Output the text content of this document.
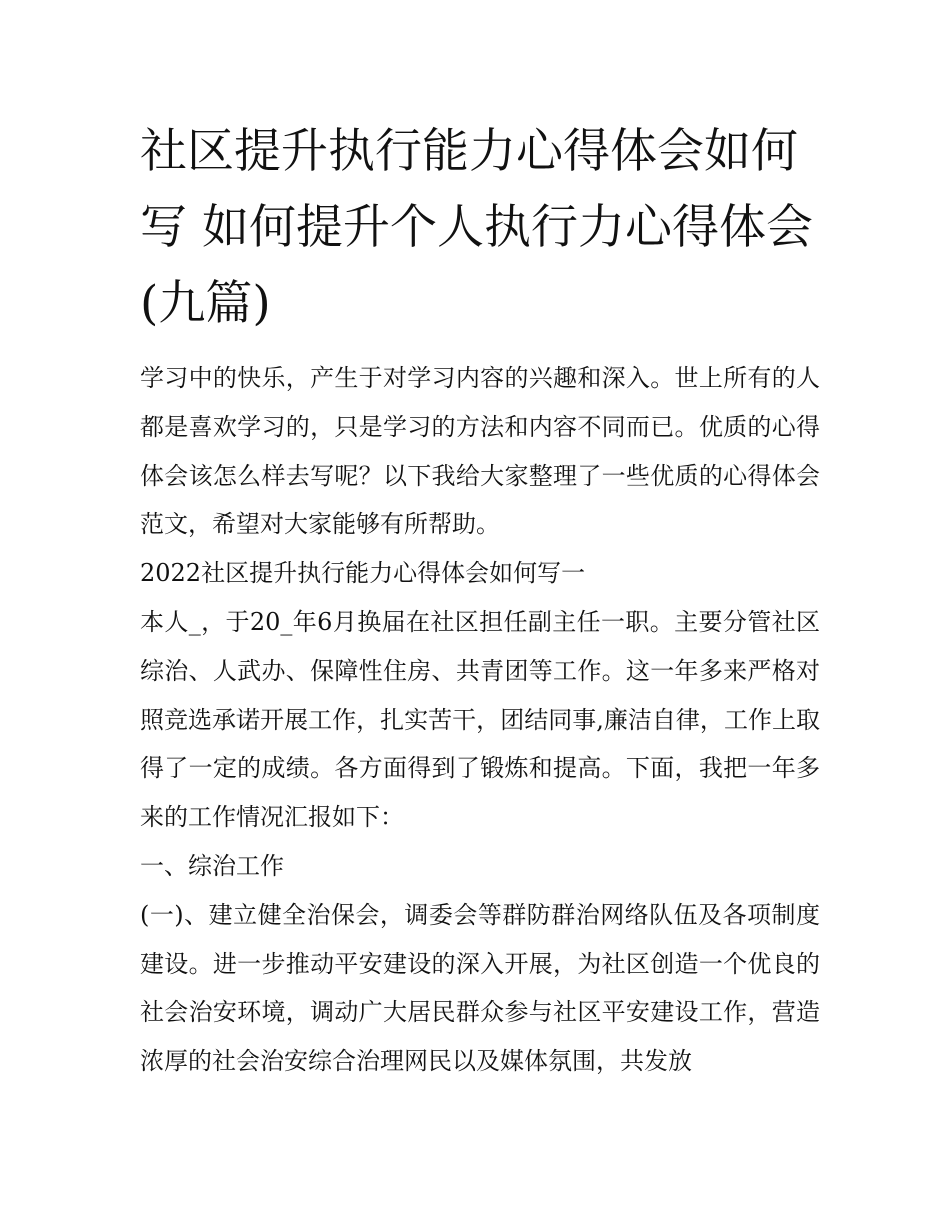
社区提升执行能力心得体会如何写 如何提升个人执行力心得体会(九篇)

学习中的快乐，产生于对学习内容的兴趣和深入。世上所有的人都是喜欢学习的，只是学习的方法和内容不同而已。优质的心得体会该怎么样去写呢？以下我给大家整理了一些优质的心得体会范文，希望对大家能够有所帮助。

2022社区提升执行能力心得体会如何写一

本人_，于20_年6月换届在社区担任副主任一职。主要分管社区综治、人武办、保障性住房、共青团等工作。这一年多来严格对照竞选承诺开展工作，扎实苦干，团结同事,廉洁自律，工作上取得了一定的成绩。各方面得到了锻炼和提高。下面，我把一年多来的工作情况汇报如下：

一、综治工作

(一)、建立健全治保会，调委会等群防群治网络队伍及各项制度建设。进一步推动平安建设的深入开展，为社区创造一个优良的社会治安环境，调动广大居民群众参与社区平安建设工作，营造浓厚的社会治安综合治理网民以及媒体氛围，共发放
